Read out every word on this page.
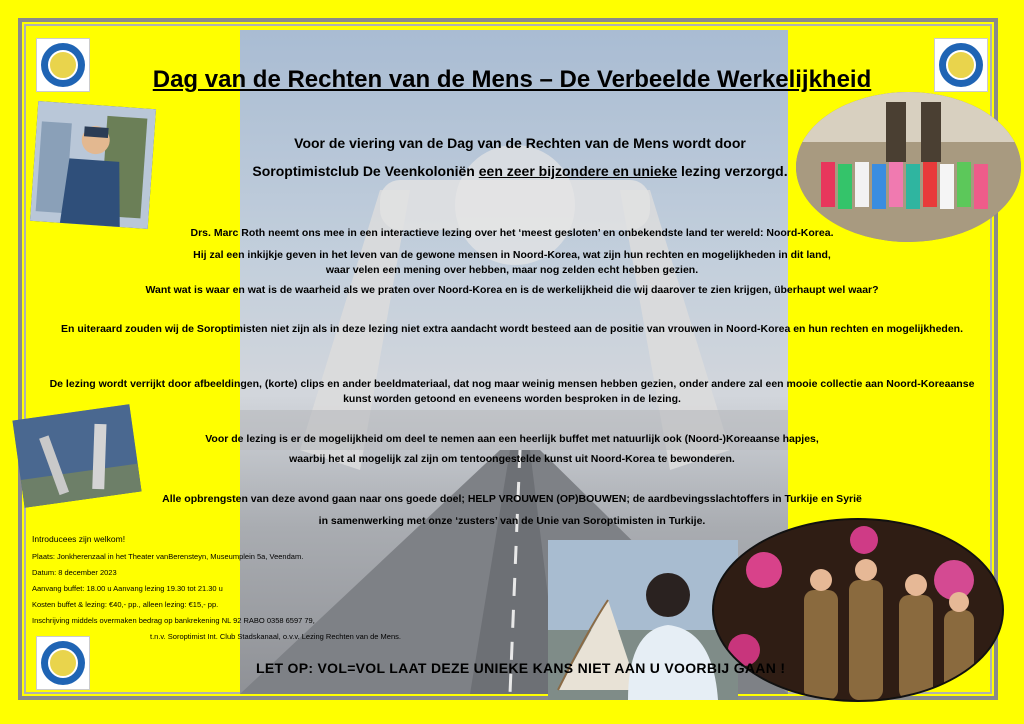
Dag van de Rechten van de Mens – De Verbeelde Werkelijkheid
Voor de viering van de Dag van de Rechten van de Mens wordt door
Soroptimistclub De Veenkoloniën een zeer bijzondere en unieke lezing verzorgd.
Drs. Marc Roth neemt ons mee in een interactieve lezing over het ‘meest gesloten’ en onbekendste land ter wereld: Noord-Korea.
Hij zal een inkijkje geven in het leven van de gewone mensen in Noord-Korea, wat zijn hun rechten en mogelijkheden in dit land, waar velen een mening over hebben, maar nog zelden echt hebben gezien.
Want wat is waar en wat is de waarheid als we praten over Noord-Korea en is de werkelijkheid die wij daarover te zien krijgen, überhaupt wel waar?
En uiteraard zouden wij de Soroptimisten niet zijn als in deze lezing niet extra aandacht wordt besteed aan de positie van vrouwen in Noord-Korea en hun rechten en mogelijkheden.
De lezing wordt verrijkt door afbeeldingen, (korte) clips en ander beeldmateriaal, dat nog maar weinig mensen hebben gezien, onder andere zal een mooie collectie aan Noord-Koreaanse kunst worden getoond en eveneens worden besproken in de lezing.
Voor de lezing is er de mogelijkheid om deel te nemen aan een heerlijk buffet met natuurlijk ook (Noord-)Koreaanse hapjes,
waarbij het al mogelijk zal zijn om tentoongestelde kunst uit Noord-Korea te bewonderen.
Alle opbrengsten van deze avond gaan naar ons goede doel; HELP VROUWEN (OP)BOUWEN; de aardbevingsslachtoffers in Turkije en Syrië
in samenwerking met onze ‘zusters’ van de Unie van Soroptimisten in Turkije.
Introducees zijn welkom!
Plaats: Jonkherenzaal in het Theater vanBerensteyn, Museumplein 5a, Veendam.
Datum: 8 december 2023
Aanvang buffet: 18.00 u Aanvang lezing 19.30 tot 21.30 u
Kosten buffet & lezing: €40,- pp., alleen lezing: €15,- pp.
Inschrijving middels overmaken bedrag op bankrekening NL 92 RABO 0358 6597 79,
t.n.v. Soroptimist Int. Club Stadskanaal, o.v.v. Lezing Rechten van de Mens.
LET OP: VOL=VOL LAAT DEZE UNIEKE KANS NIET AAN U VOORBIJ GAAN !
